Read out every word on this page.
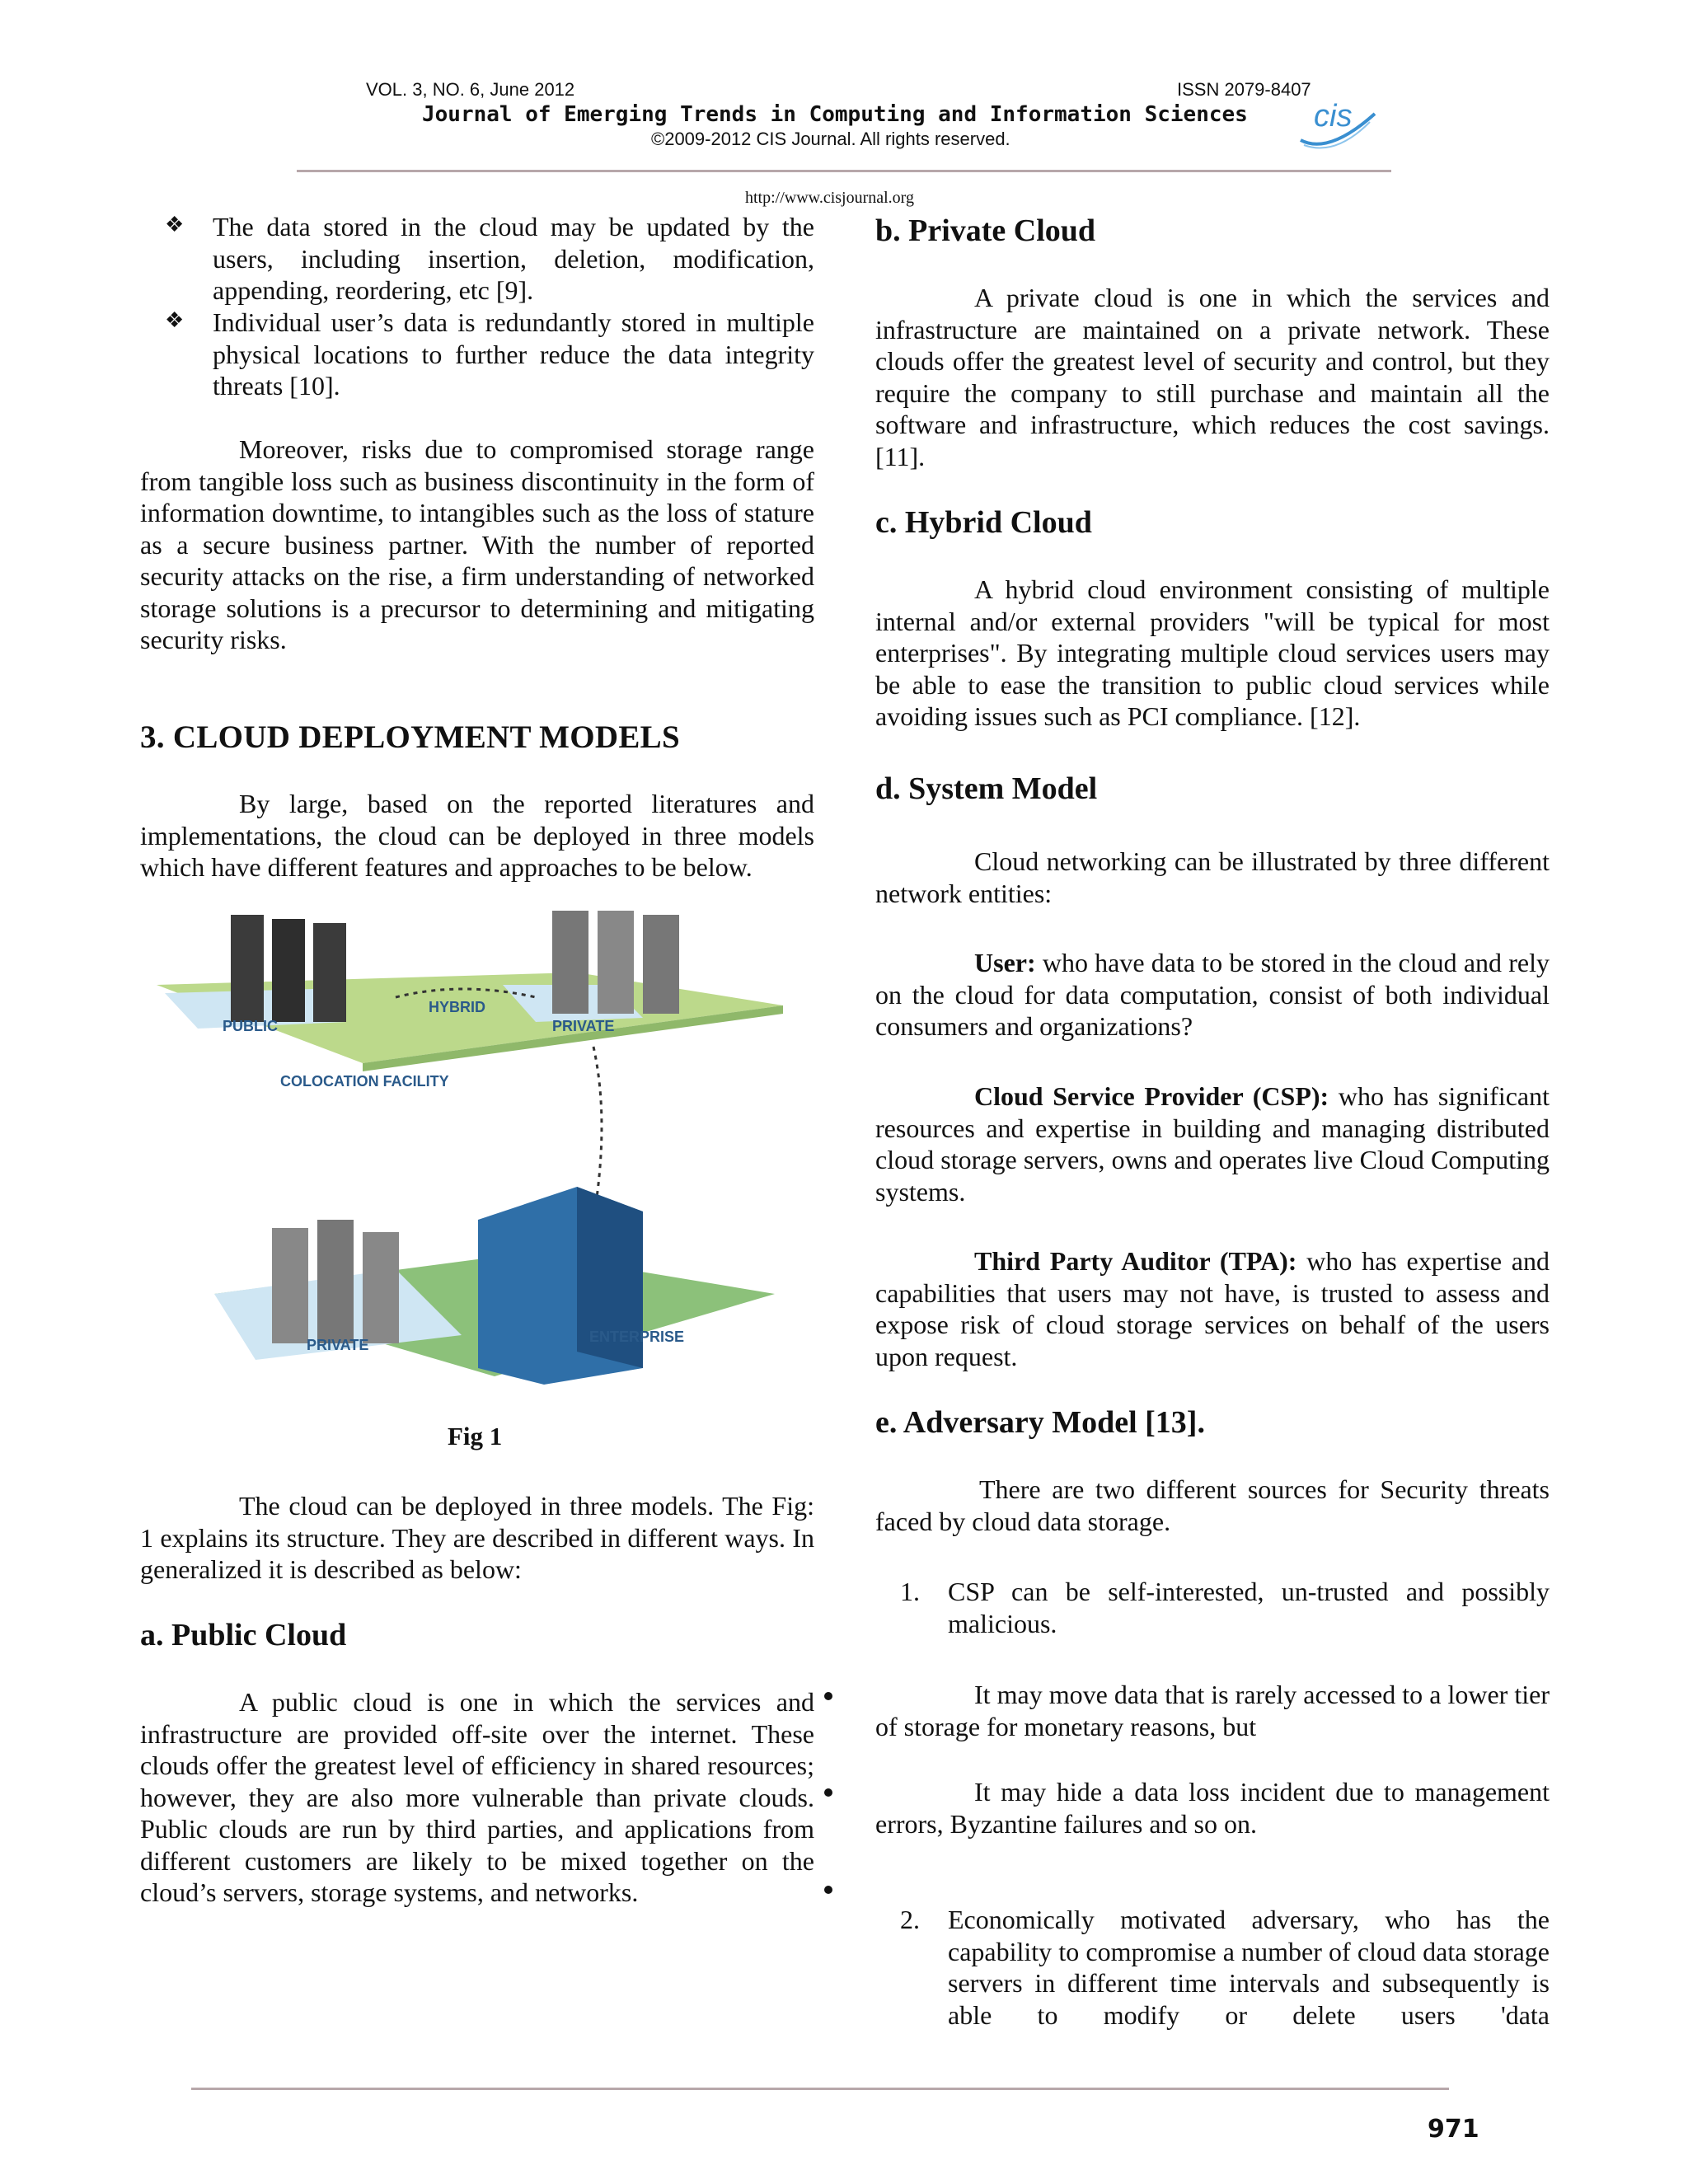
VOL. 3, NO. 6, June 2012	ISSN 2079-8407
Journal of Emerging Trends in Computing and Information Sciences
©2009-2012 CIS Journal. All rights reserved.
cis
http://www.cisjournal.org
❖ The data stored in the cloud may be updated by the users, including insertion, deletion, modification, appending, reordering, etc [9].
❖ Individual user’s data is redundantly stored in multiple physical locations to further reduce the data integrity threats [10].

Moreover, risks due to compromised storage range from tangible loss such as business discontinuity in the form of information downtime, to intangibles such as the loss of stature as a secure business partner. With the number of reported security attacks on the rise, a firm understanding of networked storage solutions is a precursor to determining and mitigating security risks.

3. CLOUD DEPLOYMENT MODELS

By large, based on the reported literatures and implementations, the cloud can be deployed in three models which have different features and approaches to be below.

PUBLIC
HYBRID
PRIVATE
COLOCATION FACILITY
PRIVATE	ENTERPRISE
Fig 1

The cloud can be deployed in three models. The Fig: 1 explains its structure. They are described in different ways. In generalized it is described as below:

a. Public Cloud

A public cloud is one in which the services and infrastructure are provided off-site over the internet. These clouds offer the greatest level of efficiency in shared resources; however, they are also more vulnerable than private clouds. Public clouds are run by third parties, and applications from different customers are likely to be mixed together on the cloud’s servers, storage systems, and networks.

b. Private Cloud

A private cloud is one in which the services and infrastructure are maintained on a private network. These clouds offer the greatest level of security and control, but they require the company to still purchase and maintain all the software and infrastructure, which reduces the cost savings. [11].

c. Hybrid Cloud

A hybrid cloud environment consisting of multiple internal and/or external providers "will be typical for most enterprises". By integrating multiple cloud services users may be able to ease the transition to public cloud services while avoiding issues such as PCI compliance. [12].

d. System Model

Cloud networking can be illustrated by three different network entities:

User: who have data to be stored in the cloud and rely on the cloud for data computation, consist of both individual consumers and organizations?

Cloud Service Provider (CSP): who has significant resources and expertise in building and managing distributed cloud storage servers, owns and operates live Cloud Computing systems.

Third Party Auditor (TPA): who has expertise and capabilities that users may not have, is trusted to assess and expose risk of cloud storage services on behalf of the users upon request.

e. Adversary Model [13].

There are two different sources for Security threats faced by cloud data storage.

1. CSP can be self-interested, un-trusted and possibly malicious.

It may move data that is rarely accessed to a lower tier of storage for monetary reasons, but

It may hide a data loss incident due to management errors, Byzantine failures and so on.

2. Economically motivated adversary, who has the capability to compromise a number of cloud data storage servers in different time intervals and subsequently is able to modify or delete users 'data
971
